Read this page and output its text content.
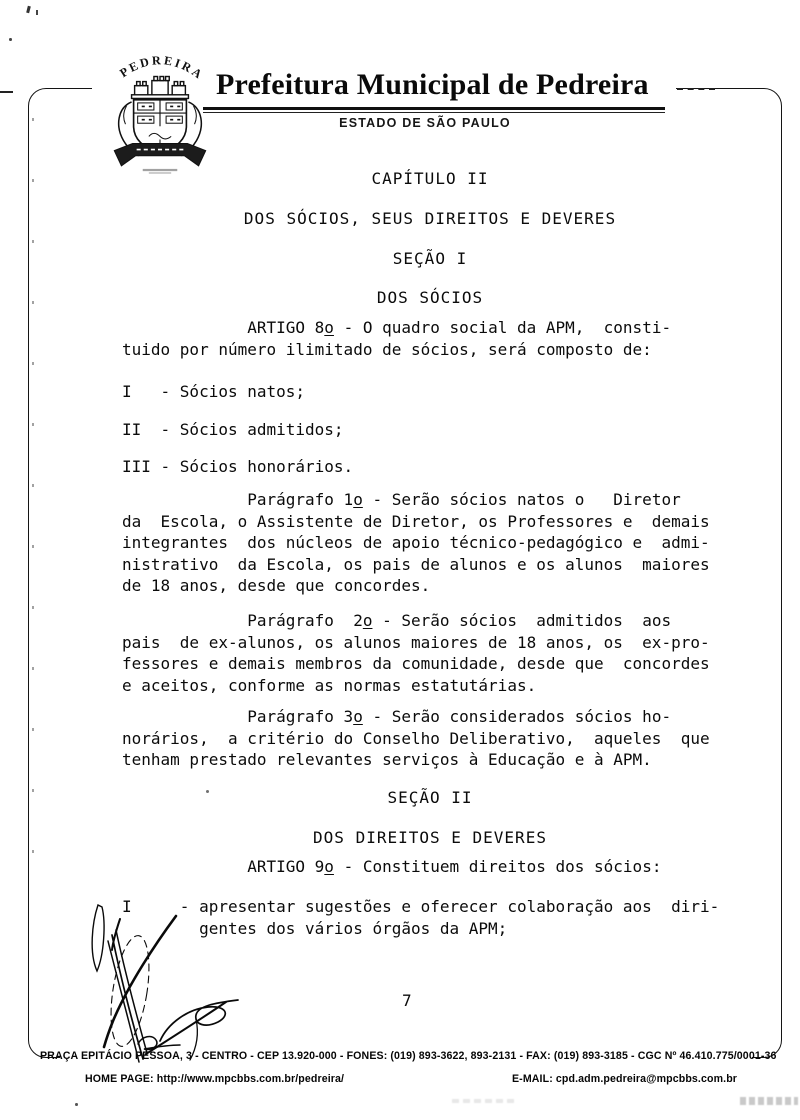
Prefeitura Municipal de Pedreira
ESTADO DE SÃO PAULO
PEDREIRA
CAPÍTULO II
DOS SÓCIOS, SEUS DIREITOS E DEVERES
SEÇÃO I
DOS SÓCIOS
ARTIGO 8o - O quadro social da APM,  consti-
tuido por número ilimitado de sócios, será composto de:
I   - Sócios natos;
II  - Sócios admitidos;
III - Sócios honorários.
Parágrafo 1o - Serão sócios natos o   Diretor
da  Escola, o Assistente de Diretor, os Professores e  demais
integrantes  dos núcleos de apoio técnico-pedagógico e  admi-
nistrativo  da Escola, os pais de alunos e os alunos  maiores
de 18 anos, desde que concordes.
Parágrafo  2o - Serão sócios  admitidos  aos
pais  de ex-alunos, os alunos maiores de 18 anos, os  ex-pro-
fessores e demais membros da comunidade, desde que  concordes
e aceitos, conforme as normas estatutárias.
Parágrafo 3o - Serão considerados sócios ho-
norários,  a critério do Conselho Deliberativo,  aqueles  que
tenham prestado relevantes serviços à Educação e à APM.
SEÇÃO II
DOS DIREITOS E DEVERES
ARTIGO 9o - Constituem direitos dos sócios:
I     - apresentar sugestões e oferecer colaboração aos  diri-
gentes dos vários órgãos da APM;
7
PRAÇA EPITÁCIO PESSOA, 3 - CENTRO - CEP 13.920-000 - FONES: (019) 893-3622, 893-2131 - FAX: (019) 893-3185 - CGC Nº 46.410.775/0001-36
HOME PAGE: http://www.mpcbbs.com.br/pedreira/	E-MAIL: cpd.adm.pedreira@mpcbbs.com.br
